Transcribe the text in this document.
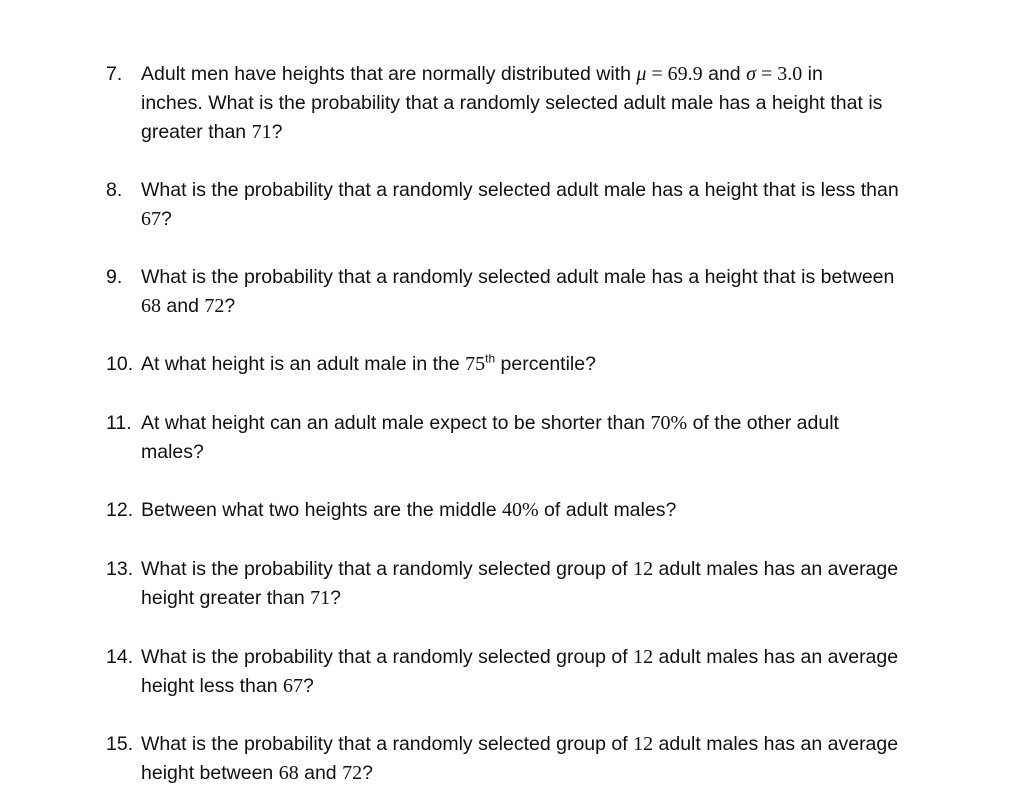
7. Adult men have heights that are normally distributed with μ = 69.9 and σ = 3.0 in
inches. What is the probability that a randomly selected adult male has a height that is
greater than 71?
8. What is the probability that a randomly selected adult male has a height that is less than
67?
9. What is the probability that a randomly selected adult male has a height that is between
68 and 72?
10. At what height is an adult male in the 75th percentile?
11. At what height can an adult male expect to be shorter than 70% of the other adult
males?
12. Between what two heights are the middle 40% of adult males?
13. What is the probability that a randomly selected group of 12 adult males has an average
height greater than 71?
14. What is the probability that a randomly selected group of 12 adult males has an average
height less than 67?
15. What is the probability that a randomly selected group of 12 adult males has an average
height between 68 and 72?
